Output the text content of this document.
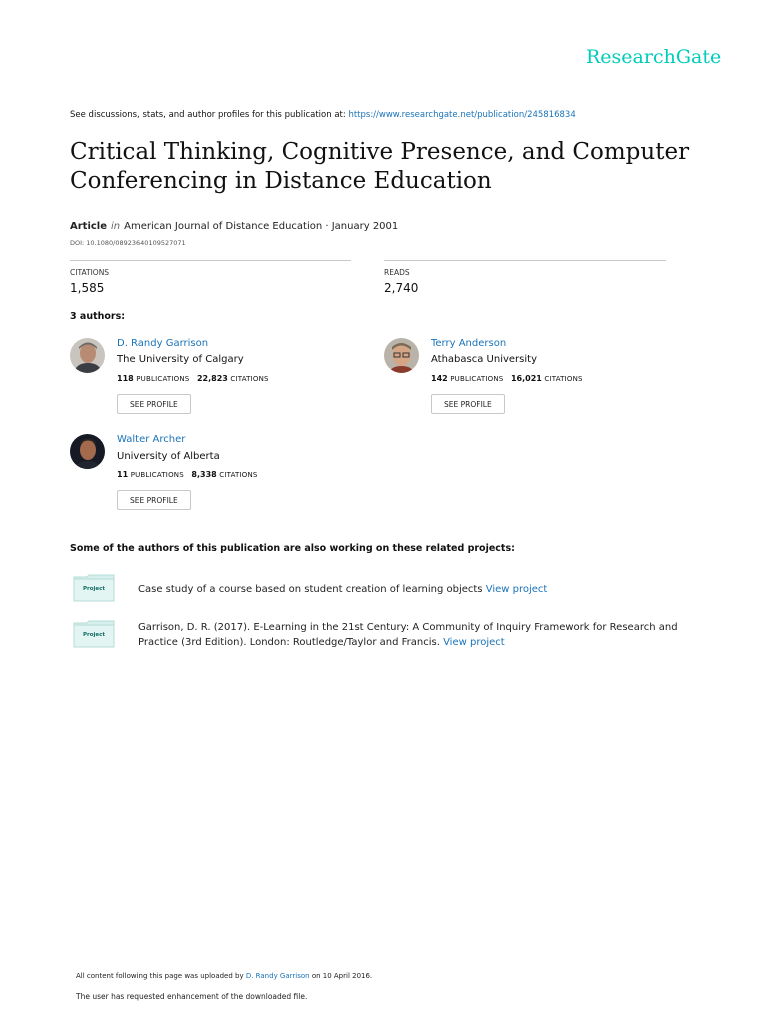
ResearchGate
See discussions, stats, and author profiles for this publication at: https://www.researchgate.net/publication/245816834
Critical Thinking, Cognitive Presence, and Computer Conferencing in Distance Education
Article in American Journal of Distance Education · January 2001
DOI: 10.1080/08923640109527071
CITATIONS
1,585
READS
2,740
3 authors:
D. Randy Garrison
The University of Calgary
118 PUBLICATIONS 22,823 CITATIONS
SEE PROFILE
Terry Anderson
Athabasca University
142 PUBLICATIONS 16,021 CITATIONS
SEE PROFILE
Walter Archer
University of Alberta
11 PUBLICATIONS 8,338 CITATIONS
SEE PROFILE
Some of the authors of this publication are also working on these related projects:
Project	Case study of a course based on student creation of learning objects View project
Project
Garrison, D. R. (2017). E-Learning in the 21st Century: A Community of Inquiry Framework for Research and Practice (3rd Edition). London: Routledge/Taylor and Francis. View project
All content following this page was uploaded by D. Randy Garrison on 10 April 2016.
The user has requested enhancement of the downloaded file.
